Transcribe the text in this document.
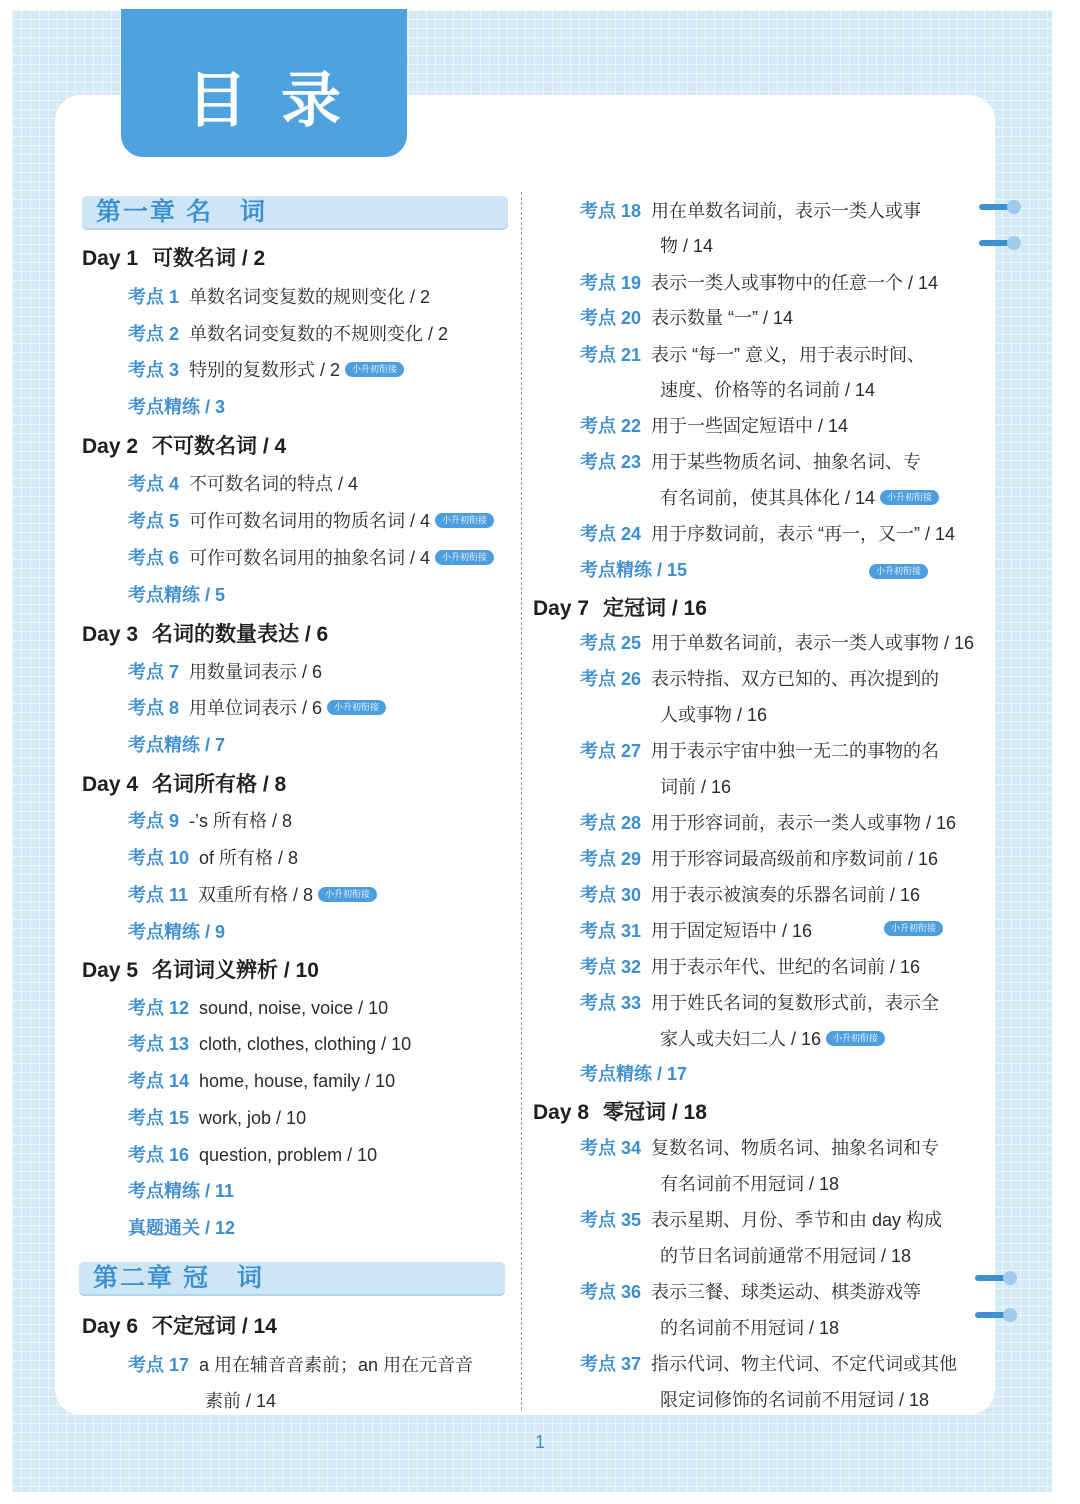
目录
第一章 名　词
第二章 冠　词
Day 1 可数名词 / 2
考点 1 单数名词变复数的规则变化 / 2
考点 2 单数名词变复数的不规则变化 / 2
考点 3 特别的复数形式 / 2 小升初衔接
考点精练 / 3
Day 2 不可数名词 / 4
考点 4 不可数名词的特点 / 4
考点 5 可作可数名词用的物质名词 / 4 小升初衔接
考点 6 可作可数名词用的抽象名词 / 4 小升初衔接
考点精练 / 5
Day 3 名词的数量表达 / 6
考点 7 用数量词表示 / 6
考点 8 用单位词表示 / 6 小升初衔接
考点精练 / 7
Day 4 名词所有格 / 8
考点 9 -’s 所有格 / 8
考点 10 of 所有格 / 8
考点 11 双重所有格 / 8 小升初衔接
考点精练 / 9
Day 5 名词词义辨析 / 10
考点 12 sound, noise, voice / 10
考点 13 cloth, clothes, clothing / 10
考点 14 home, house, family / 10
考点 15 work, job / 10
考点 16 question, problem / 10
考点精练 / 11
真题通关 / 12
Day 6 不定冠词 / 14
考点 17 a 用在辅音音素前；an 用在元音音
素前 / 14
考点 18 用在单数名词前，表示一类人或事
物 / 14
考点 19 表示一类人或事物中的任意一个 / 14
考点 20 表示数量 “一” / 14
考点 21 表示 “每一” 意义，用于表示时间、
速度、价格等的名词前 / 14
考点 22 用于一些固定短语中 / 14
考点 23 用于某些物质名词、抽象名词、专
有名词前，使其具体化 / 14 小升初衔接
考点 24 用于序数词前，表示 “再一，又一” / 14
考点精练 / 15
Day 7 定冠词 / 16
考点 25 用于单数名词前，表示一类人或事物 / 16
考点 26 表示特指、双方已知的、再次提到的
人或事物 / 16
考点 27 用于表示宇宙中独一无二的事物的名
词前 / 16
考点 28 用于形容词前，表示一类人或事物 / 16
考点 29 用于形容词最高级前和序数词前 / 16
考点 30 用于表示被演奏的乐器名词前 / 16
考点 31 用于固定短语中 / 16
考点 32 用于表示年代、世纪的名词前 / 16
考点 33 用于姓氏名词的复数形式前，表示全
家人或夫妇二人 / 16 小升初衔接
考点精练 / 17
Day 8 零冠词 / 18
考点 34 复数名词、物质名词、抽象名词和专
有名词前不用冠词 / 18
考点 35 表示星期、月份、季节和由 day 构成
的节日名词前通常不用冠词 / 18
考点 36 表示三餐、球类运动、棋类游戏等
的名词前不用冠词 / 18
考点 37 指示代词、物主代词、不定代词或其他
限定词修饰的名词前不用冠词 / 18
小升初衔接
小升初衔接
1
